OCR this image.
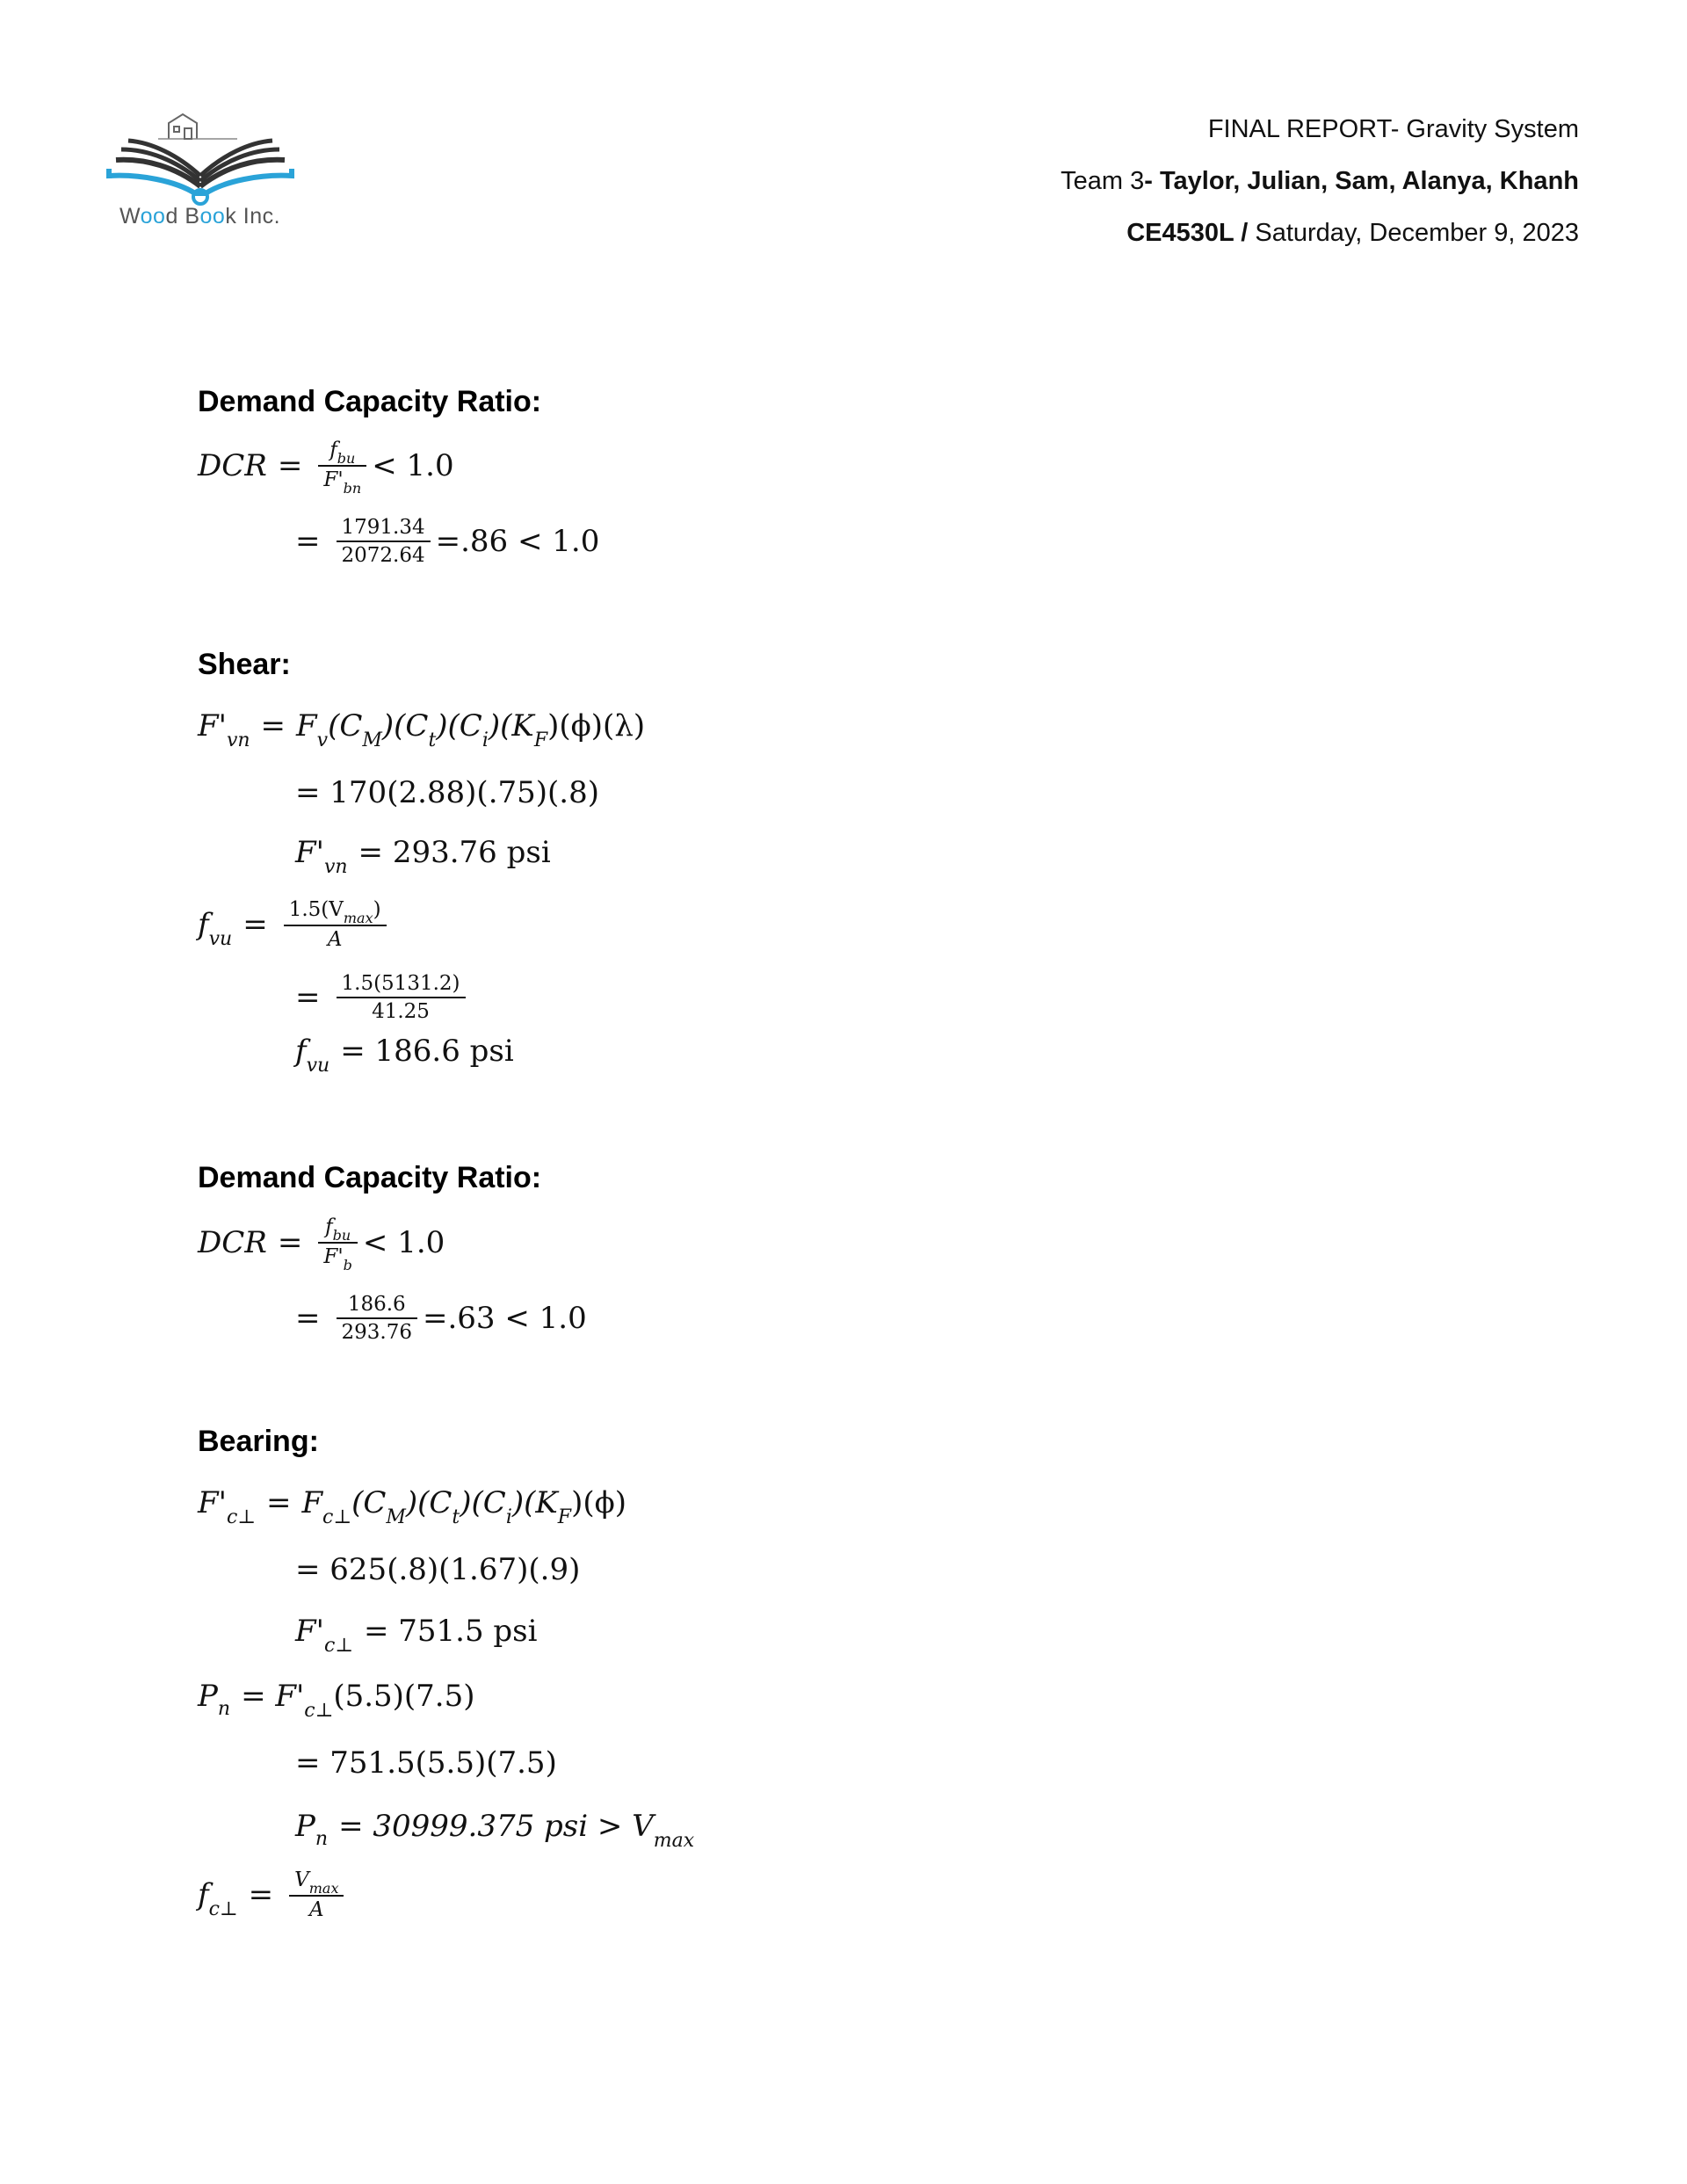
Wood Book Inc.
FINAL REPORT- Gravity System
Team 3- Taylor, Julian, Sam, Alanya, Khanh
CE4530L / Saturday, December 9, 2023
Demand Capacity Ratio:
DCR = $\frac{f_{bu}}{F'_{bn}} < 1.0$
= $\frac{1791.34}{2072.64} =.86 < 1.0$
Shear:
F' vn = F v (C M )(C t )(C i )(K F )(ϕ)(λ)
= 170(2.88)(.75)(.8)
F' vn = 293.76 psi
f vu = $\frac{1.5(V_{max})}{A}$
= $\frac{1.5(5131.2)}{41.25}$
f vu = 186.6 psi
Demand Capacity Ratio:
DCR = $\frac{f_{bu}}{F'_b} < 1.0$
= $\frac{186.6}{293.76} =.63 < 1.0$
Bearing:
F' c⊥ = F c⊥ (C M )(C t )(C i )(K F )(ϕ)
= 625(.8)(1.67)(.9)
F' c⊥ = 751.5 psi
P n = F' c⊥ (5.5)(7.5)
= 751.5(5.5)(7.5)
P n = 30999.375 psi > V max
f c⊥ = $\frac{V_{max}}{A}$
